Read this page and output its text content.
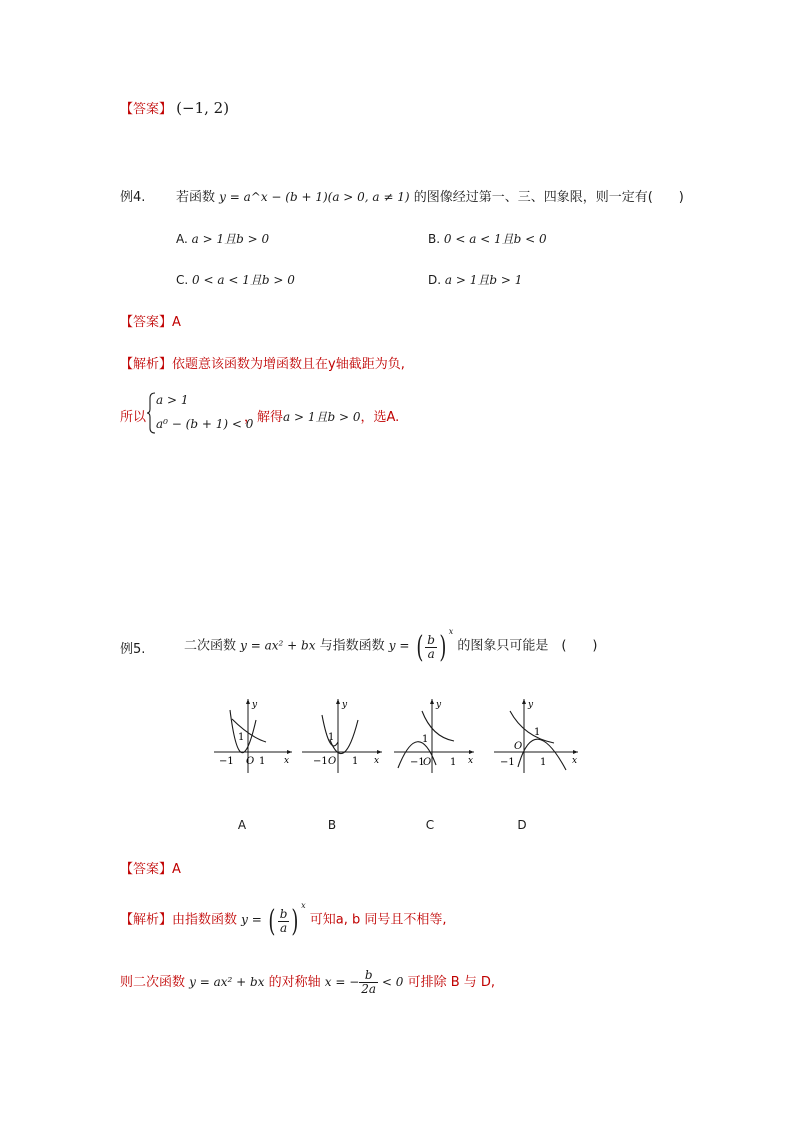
【答案】 (−1, 2)
例4. 若函数 y = a^x − (b + 1)(a > 0, a ≠ 1) 的图像经过第一、三、四象限，则一定有(　　)
A. a > 1且b > 0	B. 0 < a < 1且b < 0
C. 0 < a < 1且b > 0	D. a > 1且b > 1
【答案】A
【解析】依题意该函数为增函数且在y轴截距为负,
所以
a > 1
a⁰ − (b + 1) < 0
，解得a > 1且b > 0，选A.
例5.	二次函数 y = ax² + bx 与指数函数 y = ( $\frac{b}{a}$ ) $^x$ 的图象只可能是　(　　)
y
x
−1 O 1
1
y
x
−1 O 1
1
y
x
−1
O 1
1
y
x
−1
O
1
1
A	B	C	D
【答案】A
【解析】由指数函数 y = ( $\frac{b}{a}$ ) $^x$ 可知a, b 同号且不相等,
则二次函数 y = ax² + bx 的对称轴 x = − $\frac{b}{2a} < 0$ 可排除 B 与 D,
